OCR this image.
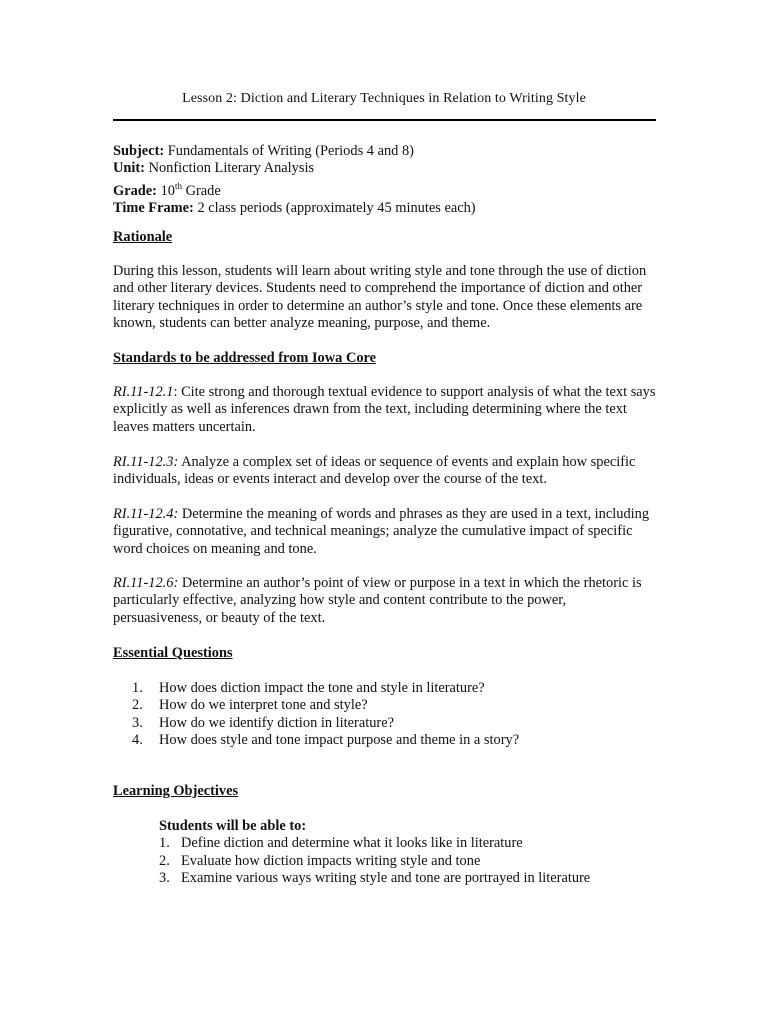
Lesson 2: Diction and Literary Techniques in Relation to Writing Style
Subject: Fundamentals of Writing (Periods 4 and 8)
Unit: Nonfiction Literary Analysis
Grade: 10th Grade
Time Frame: 2 class periods (approximately 45 minutes each)
Rationale

During this lesson, students will learn about writing style and tone through the use of diction and other literary devices. Students need to comprehend the importance of diction and other literary techniques in order to determine an author’s style and tone. Once these elements are known, students can better analyze meaning, purpose, and theme.

Standards to be addressed from Iowa Core

RI.11-12.1: Cite strong and thorough textual evidence to support analysis of what the text says explicitly as well as inferences drawn from the text, including determining where the text leaves matters uncertain.

RI.11-12.3: Analyze a complex set of ideas or sequence of events and explain how specific individuals, ideas or events interact and develop over the course of the text.

RI.11-12.4: Determine the meaning of words and phrases as they are used in a text, including figurative, connotative, and technical meanings; analyze the cumulative impact of specific word choices on meaning and tone.

RI.11-12.6: Determine an author’s point of view or purpose in a text in which the rhetoric is particularly effective, analyzing how style and content contribute to the power, persuasiveness, or beauty of the text.

Essential Questions
1. How does diction impact the tone and style in literature?
2. How do we interpret tone and style?
3. How do we identify diction in literature?
4. How does style and tone impact purpose and theme in a story?
Learning Objectives
Students will be able to:
1. Define diction and determine what it looks like in literature
2. Evaluate how diction impacts writing style and tone
3. Examine various ways writing style and tone are portrayed in literature
